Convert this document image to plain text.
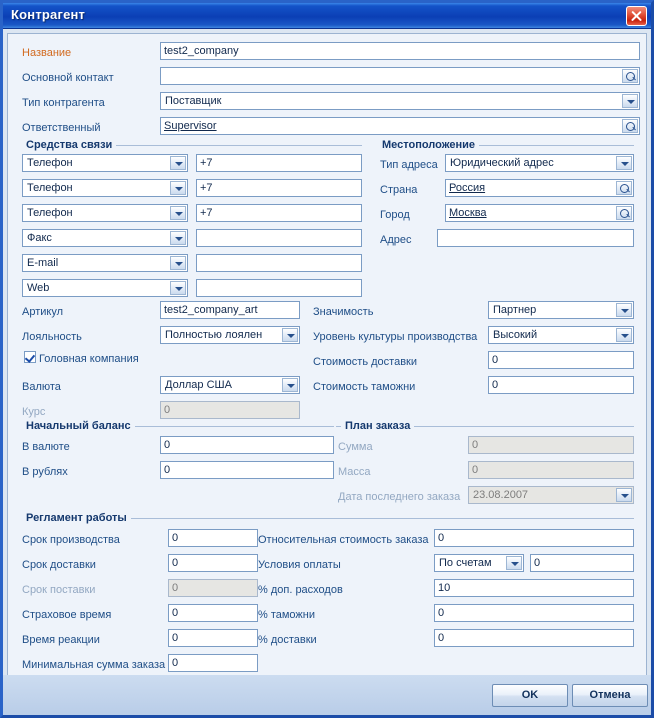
Контрагент
Название	test2_company
Основной контакт
Тип контрагента	Поставщик
Ответственный	Supervisor
Средства связи
Телефон	+7
Телефон	+7
Телефон	+7
Факс
E-mail
Web
Местоположение
Тип адреса Юридический адрес
Страна	Россия
Город	Москва
Адрес
Артикул	test2_company_art
Лояльность	Полностью лоялен
Головная компания
Валюта	Доллар США
Курс	0
Значимость	Партнер
Уровень культуры производства Высокий
Стоимость доставки	0
Стоимость таможни	0
Начальный баланс
В валюте	0
В рублях	0
План заказа
Сумма	0
Масса	0
Дата последнего заказа 23.08.2007
Регламент работы
Срок производства	0
Срок доставки	0
Срок поставки	0
Страховое время	0
Время реакции	0
Минимальная сумма заказа 0
Относительная стоимость заказа 0
Условия оплаты	По счетам	0
% доп. расходов	10
% таможни	0
% доставки	0
OK	Отмена
